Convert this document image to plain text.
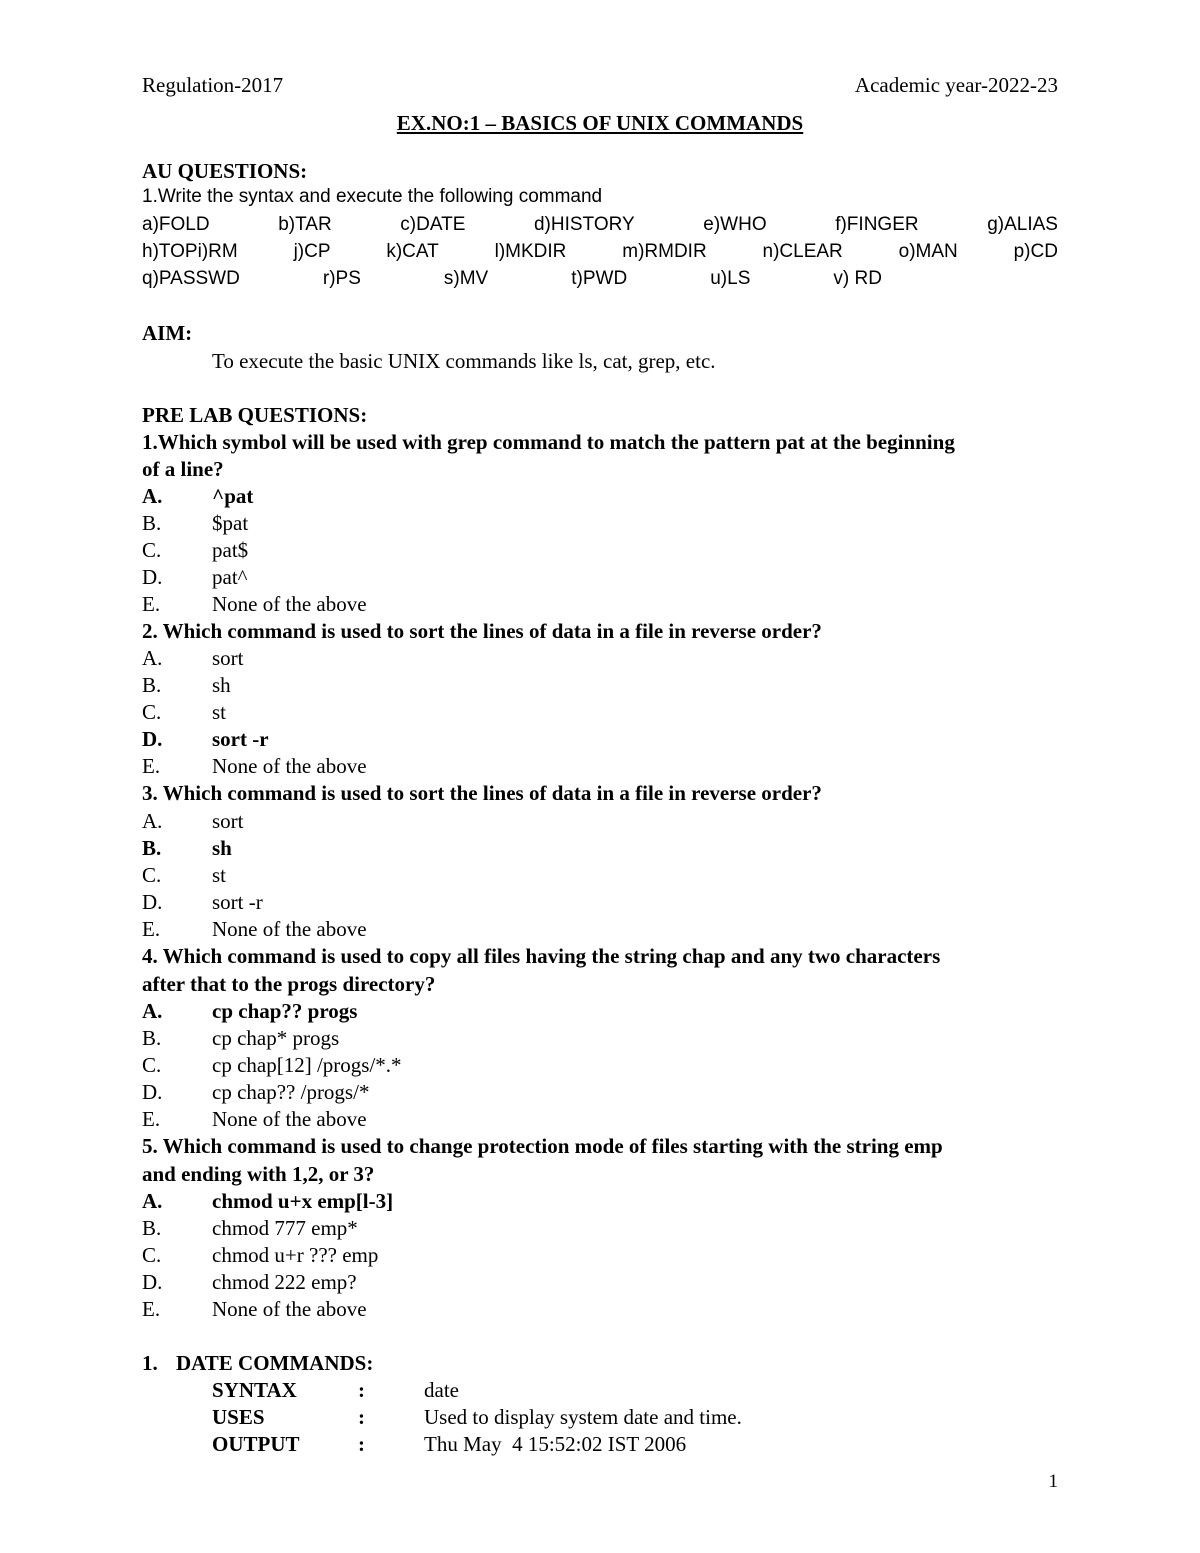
Regulation-2017	Academic year-2022-23
EX.NO:1 – BASICS OF UNIX COMMANDS
AU QUESTIONS:
1.Write the syntax and execute the following command
a)FOLD	b)TAR	c)DATE	d)HISTORY	e)WHO	f)FINGER	g)ALIAS
h)TOPi)RM	j)CP	k)CAT	l)MKDIR	m)RMDIR	n)CLEAR	o)MAN	p)CD
q)PASSWD	r)PS	s)MV	t)PWD	u)LS	v) RD
AIM:
To execute the basic UNIX commands like ls, cat, grep, etc.
PRE LAB QUESTIONS:
1.Which symbol will be used with grep command to match the pattern pat at the beginning
of a line?
A. ^pat
B. $pat
C. pat$
D. pat^
E. None of the above
2. Which command is used to sort the lines of data in a file in reverse order?
A. sort
B. sh
C. st
D. sort -r
E. None of the above
3. Which command is used to sort the lines of data in a file in reverse order?
A. sort
B. sh
C. st
D. sort -r
E. None of the above
4. Which command is used to copy all files having the string chap and any two characters
after that to the progs directory?
A. cp chap?? progs
B. cp chap* progs
C. cp chap[12] /progs/*.*
D. cp chap?? /progs/*
E. None of the above
5. Which command is used to change protection mode of files starting with the string emp
and ending with 1,2, or 3?
A. chmod u+x emp[l-3]
B. chmod 777 emp*
C. chmod u+r ??? emp
D. chmod 222 emp?
E. None of the above
1. DATE COMMANDS:
SYNTAX	:	date
USES	:	Used to display system date and time.
OUTPUT	:	Thu May  4 15:52:02 IST 2006
1
